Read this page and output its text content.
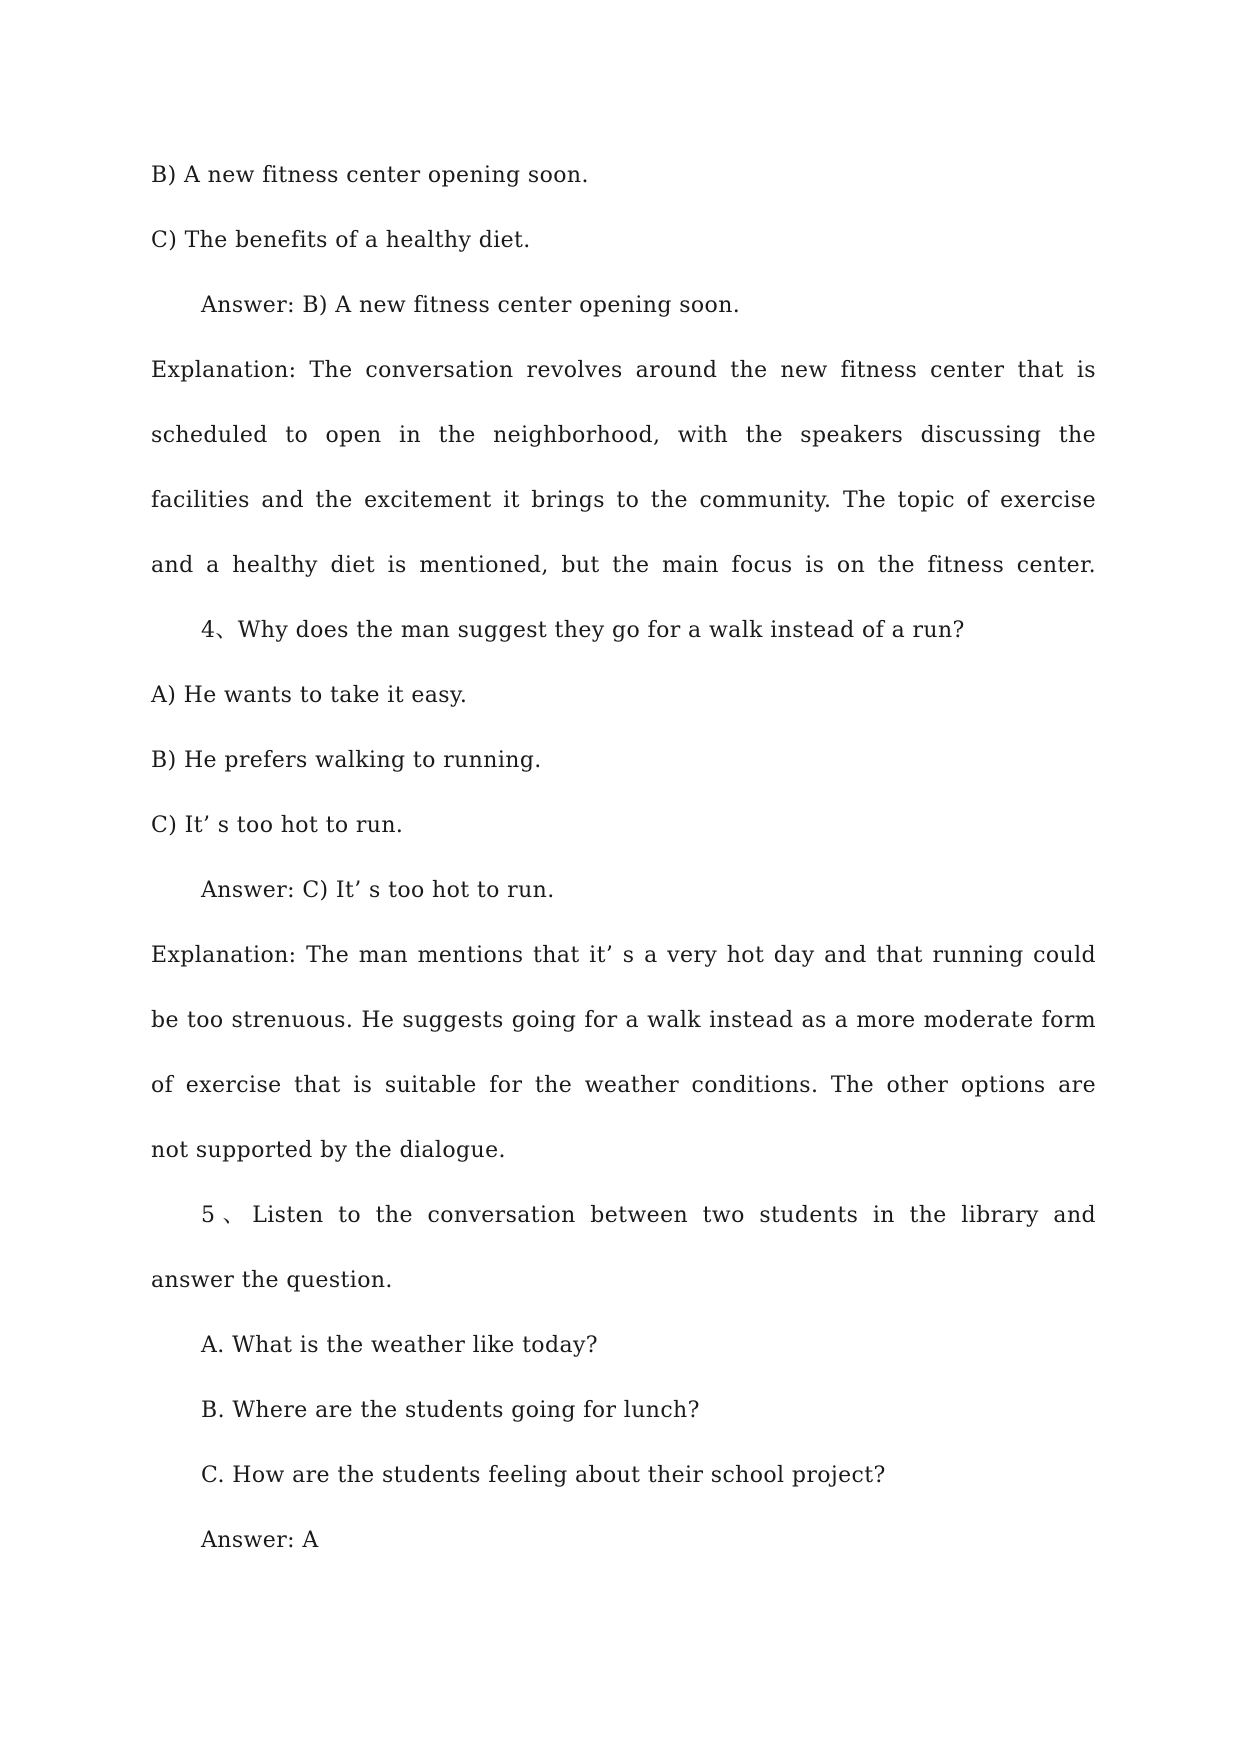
B) A new fitness center opening soon.
C) The benefits of a healthy diet.
Answer: B) A new fitness center opening soon.
Explanation: The conversation revolves around the new fitness center that is
scheduled to open in the neighborhood, with the speakers discussing the
facilities and the excitement it brings to the community. The topic of exercise
and a healthy diet is mentioned, but the main focus is on the fitness center.
4、Why does the man suggest they go for a walk instead of a run?
A) He wants to take it easy.
B) He prefers walking to running.
C) It’ s too hot to run.
Answer: C) It’ s too hot to run.
Explanation: The man mentions that it’ s a very hot day and that running could
be too strenuous. He suggests going for a walk instead as a more moderate form
of exercise that is suitable for the weather conditions. The other options are
not supported by the dialogue.
5、Listen to the conversation between two students in the library and
answer the question.
A. What is the weather like today?
B. Where are the students going for lunch?
C. How are the students feeling about their school project?
Answer: A
